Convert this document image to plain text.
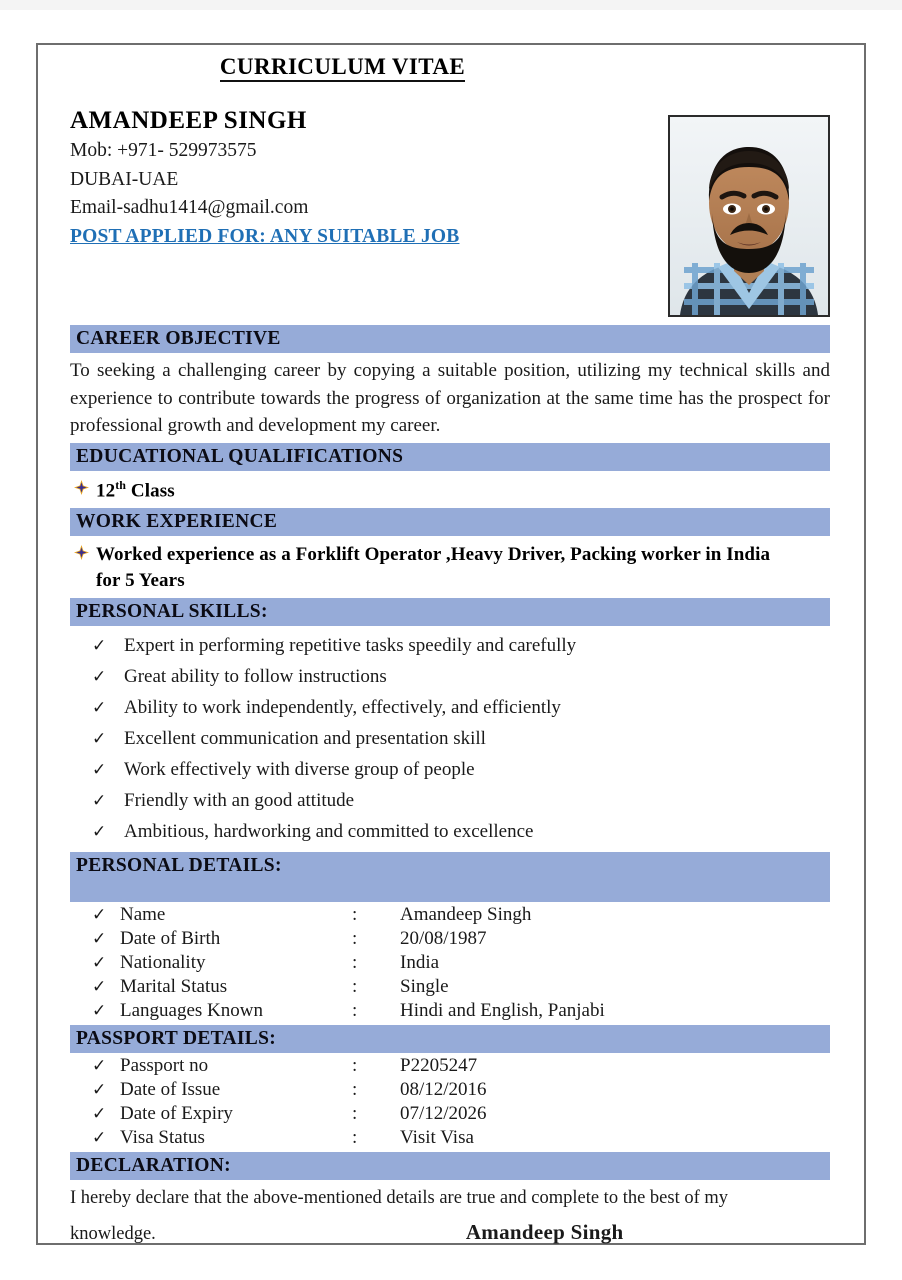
CURRICULUM VITAE
AMANDEEP SINGH
Mob: +971- 529973575
DUBAI-UAE
Email-sadhu1414@gmail.com
POST APPLIED FOR: ANY SUITABLE JOB
CAREER OBJECTIVE
To seeking a challenging career by copying a suitable position, utilizing my technical skills and experience to contribute towards the progress of organization at the same time has the prospect for professional growth and development my career.
EDUCATIONAL QUALIFICATIONS
12th Class
WORK EXPERIENCE
Worked experience as a Forklift Operator ,Heavy Driver, Packing worker in India for 5 Years
PERSONAL SKILLS:
✓ Expert in performing repetitive tasks speedily and carefully
✓ Great ability to follow instructions
✓ Ability to work independently, effectively, and efficiently
✓ Excellent communication and presentation skill
✓ Work effectively with diverse group of people
✓ Friendly with an good attitude
✓ Ambitious, hardworking and committed to excellence
PERSONAL DETAILS:
✓ Name	:	Amandeep Singh
✓ Date of Birth	:	20/08/1987
✓ Nationality	:	India
✓ Marital Status	:	Single
✓ Languages Known	:	Hindi and English, Panjabi
PASSPORT DETAILS:
✓ Passport no	:	P2205247
✓ Date of Issue	:	08/12/2016
✓ Date of Expiry	:	07/12/2026
✓ Visa Status	:	Visit Visa
DECLARATION:
I hereby declare that the above-mentioned details are true and complete to the best of my
knowledge.	Amandeep Singh
